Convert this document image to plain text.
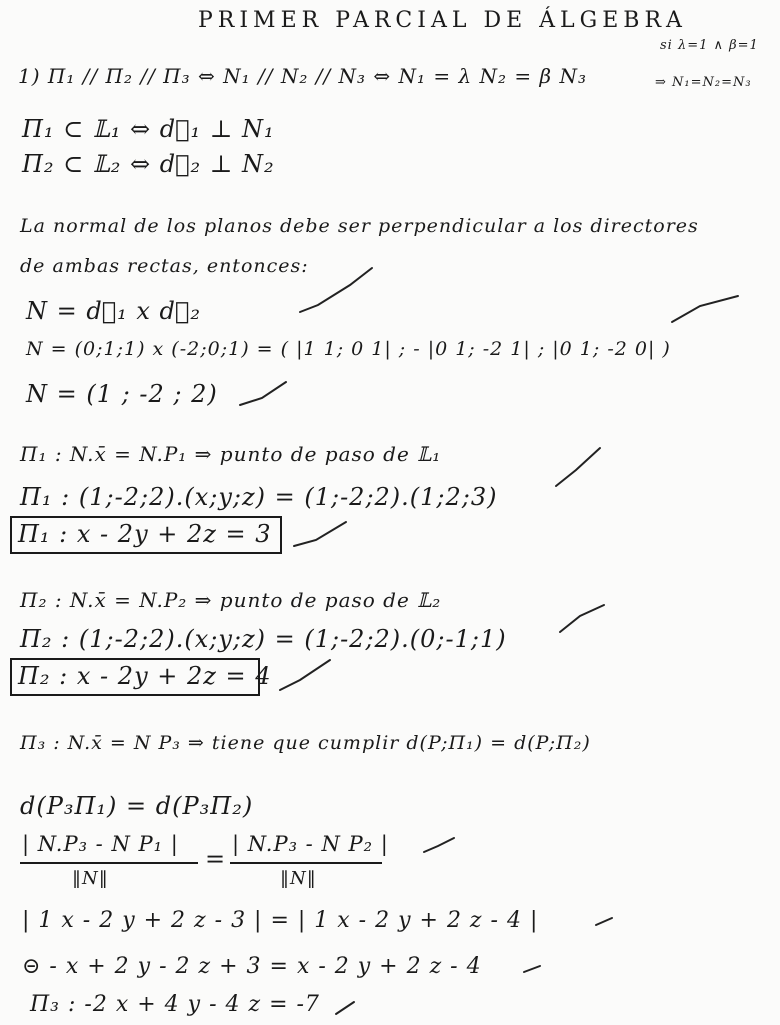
PRIMER PARCIAL DE ÁLGEBRA
si λ=1 ∧ β=1
⇒ N₁=N₂=N₃
1) Π₁ // Π₂ // Π₃ ⇔ N₁ // N₂ // N₃ ⇔ N₁ = λ N₂ = β N₃
Π₁ ⊂ 𝕃₁ ⇔ d⃗₁ ⊥ N₁
Π₂ ⊂ 𝕃₂ ⇔ d⃗₂ ⊥ N₂
La normal de los planos debe ser perpendicular a los directores
de ambas rectas, entonces:
N = d⃗₁ x d⃗₂
N = (0;1;1) x (-2;0;1) = ( |1 1; 0 1| ; - |0 1; -2 1| ; |0 1; -2 0| )
N = (1 ; -2 ; 2)
Π₁ : N.x̄ = N.P₁ ⇒ punto de paso de 𝕃₁
Π₁ : (1;-2;2).(x;y;z) = (1;-2;2).(1;2;3)
Π₁ : x - 2y + 2z = 3
Π₂ : N.x̄ = N.P₂ ⇒ punto de paso de 𝕃₂
Π₂ : (1;-2;2).(x;y;z) = (1;-2;2).(0;-1;1)
Π₂ : x - 2y + 2z = 4
Π₃ : N.x̄ = N P₃ ⇒ tiene que cumplir d(P;Π₁) = d(P;Π₂)
d(P₃Π₁) = d(P₃Π₂)
| N.P₃ - N P₁ |
‖N‖
=
| N.P₃ - N P₂ |
‖N‖
| 1 x - 2 y + 2 z - 3 | = | 1 x - 2 y + 2 z - 4 |
⊝ - x + 2 y - 2 z + 3 = x - 2 y + 2 z - 4
Π₃ : -2 x + 4 y - 4 z = -7
